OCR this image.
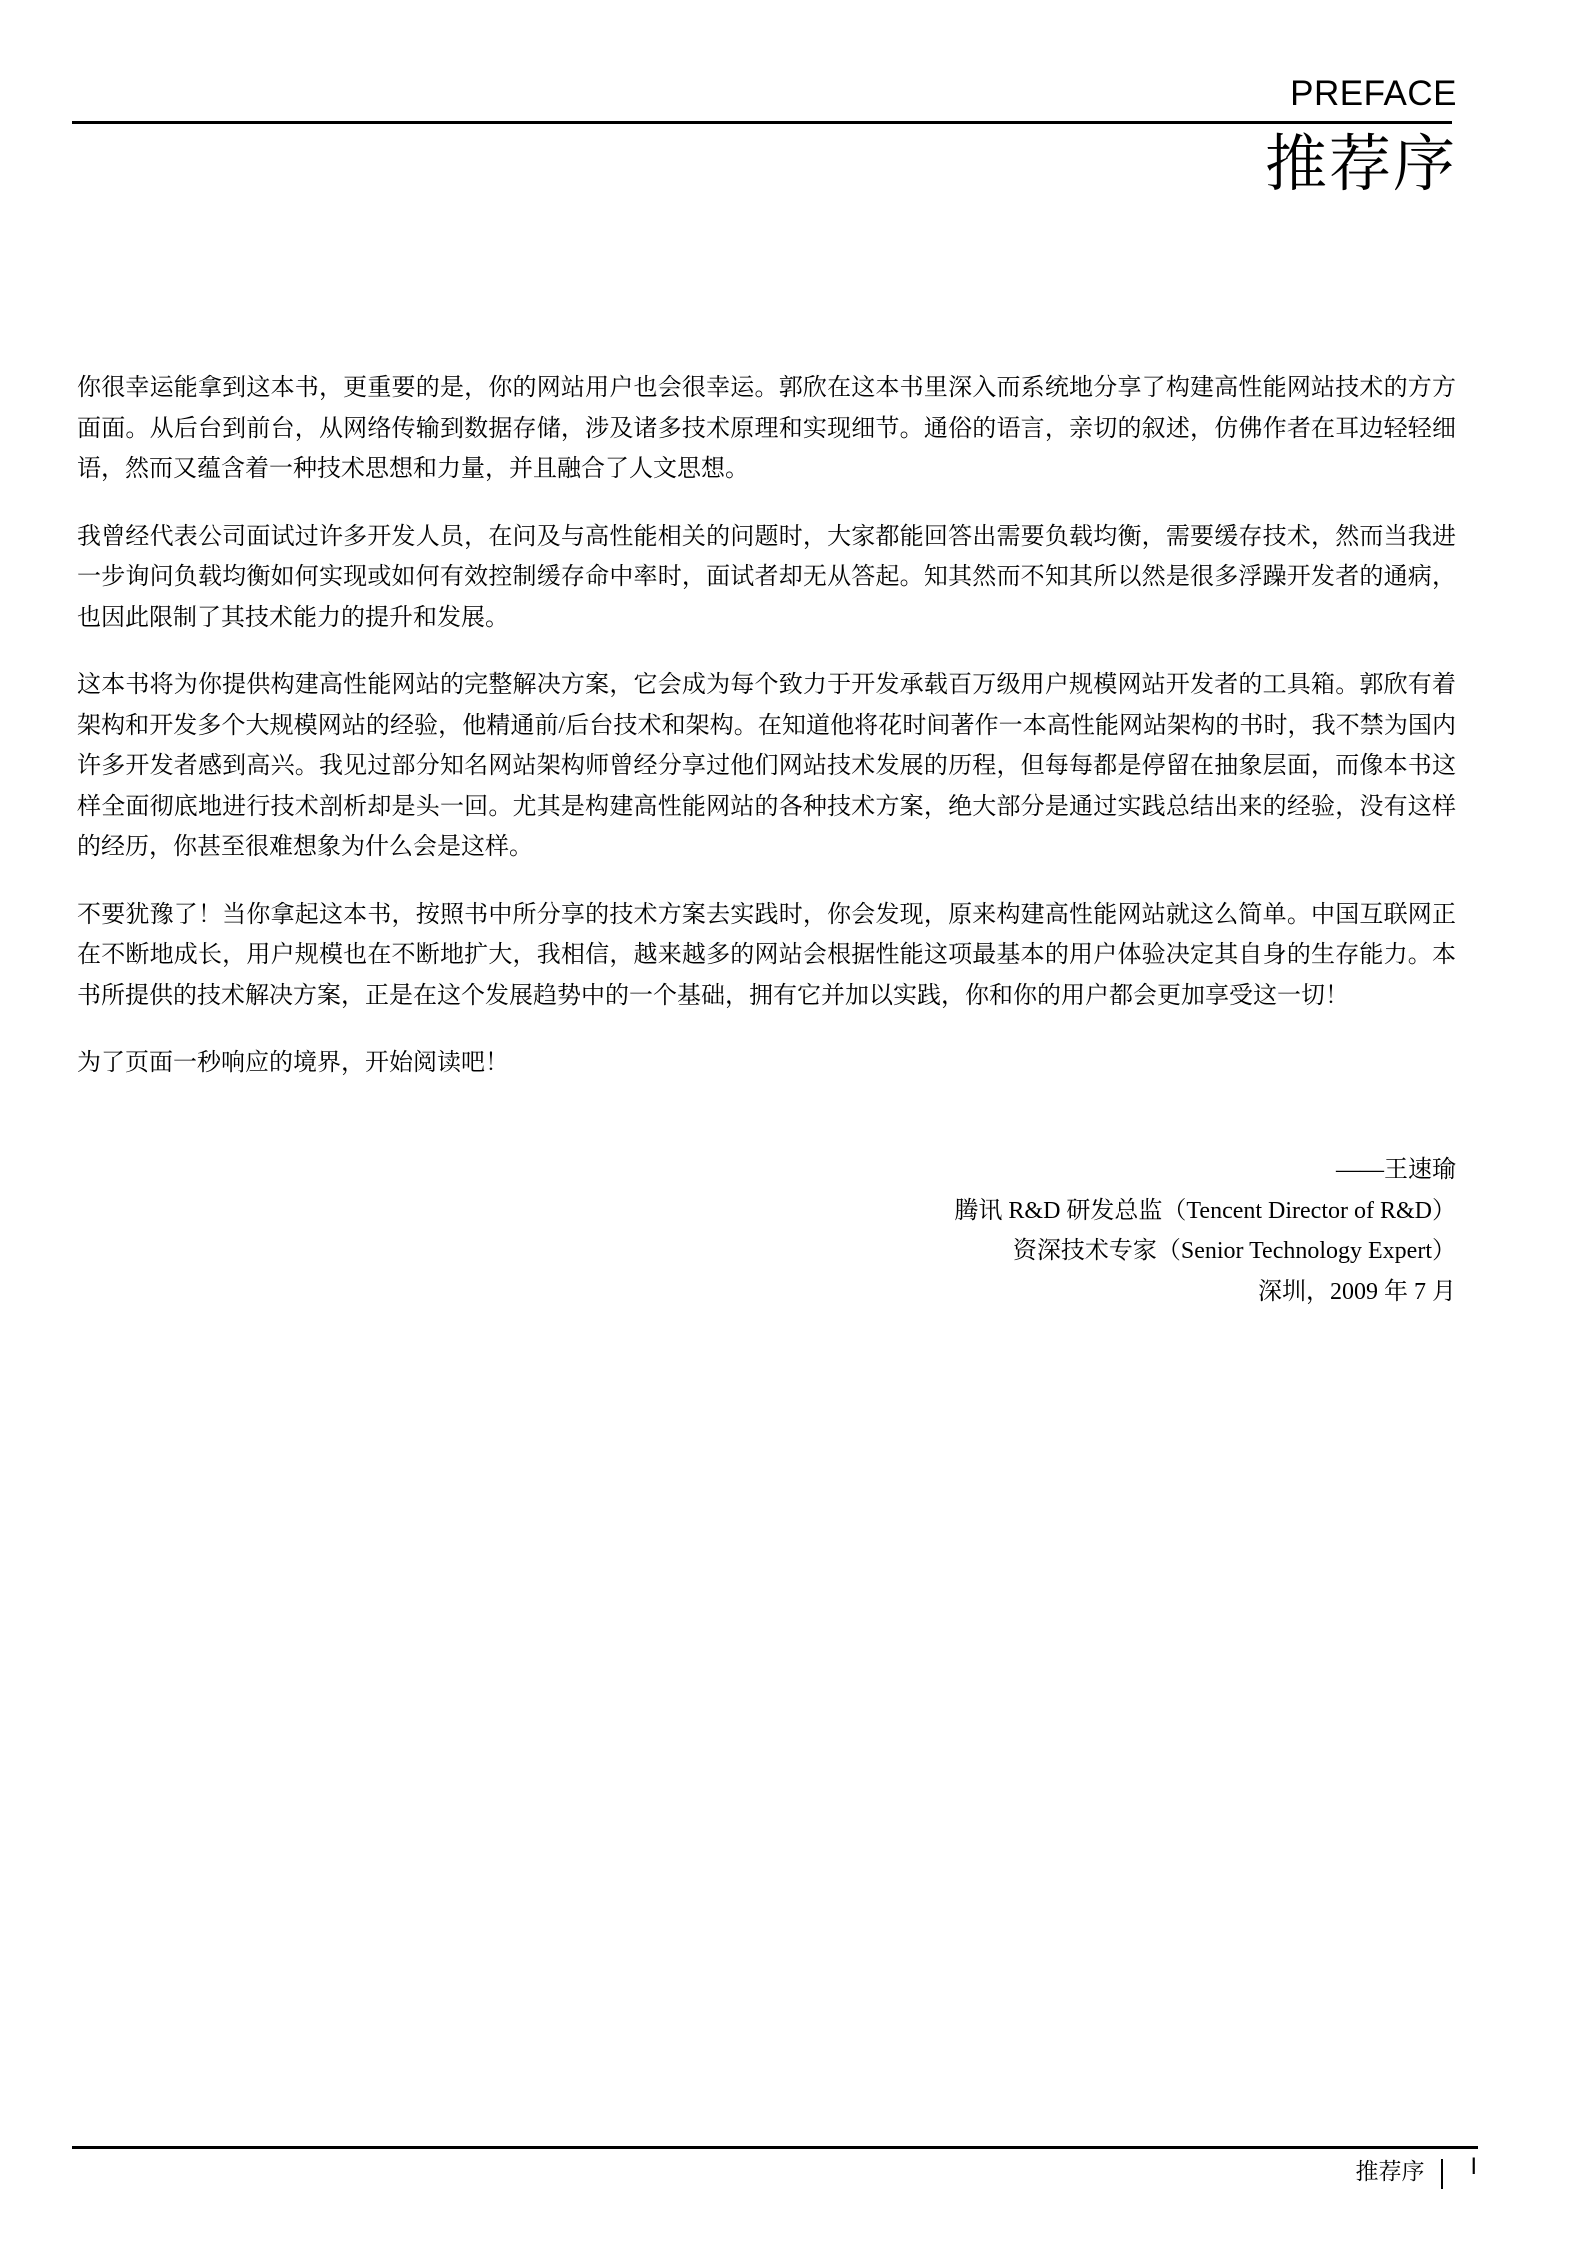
PREFACE
推荐序

你很幸运能拿到这本书，更重要的是，你的网站用户也会很幸运。郭欣在这本书里深入而系统地分享了构建高性能网站技术的方方面面。从后台到前台，从网络传输到数据存储，涉及诸多技术原理和实现细节。通俗的语言，亲切的叙述，仿佛作者在耳边轻轻细语，然而又蕴含着一种技术思想和力量，并且融合了人文思想。

我曾经代表公司面试过许多开发人员，在问及与高性能相关的问题时，大家都能回答出需要负载均衡，需要缓存技术，然而当我进一步询问负载均衡如何实现或如何有效控制缓存命中率时，面试者却无从答起。知其然而不知其所以然是很多浮躁开发者的通病，也因此限制了其技术能力的提升和发展。

这本书将为你提供构建高性能网站的完整解决方案，它会成为每个致力于开发承载百万级用户规模网站开发者的工具箱。郭欣有着架构和开发多个大规模网站的经验，他精通前/后台技术和架构。在知道他将花时间著作一本高性能网站架构的书时，我不禁为国内许多开发者感到高兴。我见过部分知名网站架构师曾经分享过他们网站技术发展的历程，但每每都是停留在抽象层面，而像本书这样全面彻底地进行技术剖析却是头一回。尤其是构建高性能网站的各种技术方案，绝大部分是通过实践总结出来的经验，没有这样的经历，你甚至很难想象为什么会是这样。

不要犹豫了！当你拿起这本书，按照书中所分享的技术方案去实践时，你会发现，原来构建高性能网站就这么简单。中国互联网正在不断地成长，用户规模也在不断地扩大，我相信，越来越多的网站会根据性能这项最基本的用户体验决定其自身的生存能力。本书所提供的技术解决方案，正是在这个发展趋势中的一个基础，拥有它并加以实践，你和你的用户都会更加享受这一切！

为了页面一秒响应的境界，开始阅读吧！

——王速瑜
腾讯 R&D 研发总监（Tencent Director of R&D）
资深技术专家（Senior Technology Expert）
深圳，2009 年 7 月
推荐序 I
